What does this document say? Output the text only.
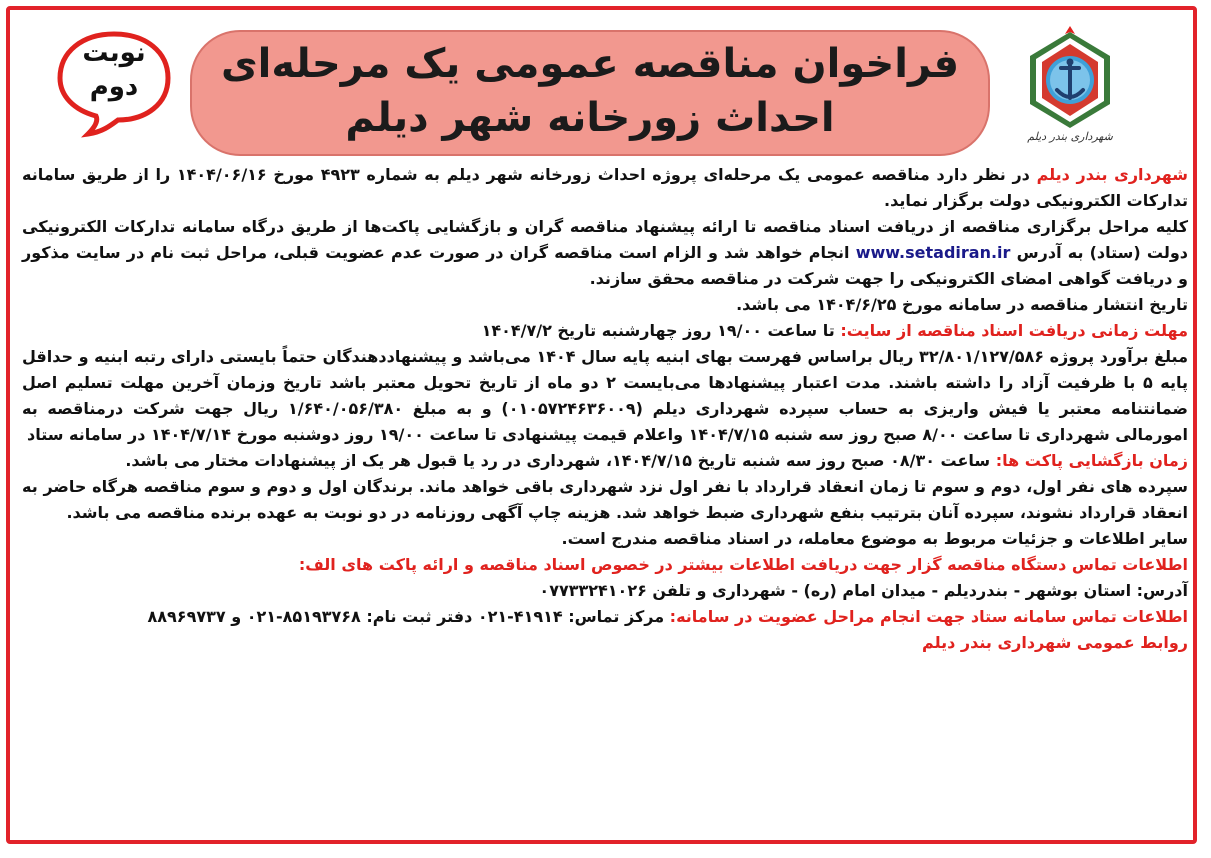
شهرداری بندر دیلم
فراخوان مناقصه عمومی یک مرحله‌ای
احداث زورخانه شهر دیلم
نوبت
دوم

شهرداری بندر دیلم در نظر دارد مناقصه عمومی یک مرحله‌ای پروژه احداث زورخانه شهر دیلم به شماره ۴۹۲۳ مورخ ۱۴۰۴/۰۶/۱۶ را از طریق سامانه تدارکات الکترونیکی دولت برگزار نماید.

کلیه مراحل برگزاری مناقصه از دریافت اسناد مناقصه تا ارائه پیشنهاد مناقصه گران و بازگشایی پاکت‌ها از طریق درگاه سامانه تدارکات الکترونیکی دولت (ستاد) به آدرس www.setadiran.ir انجام خواهد شد و الزام است مناقصه گران در صورت عدم عضویت قبلی، مراحل ثبت نام در سایت مذکور و دریافت گواهی امضای الکترونیکی را جهت شرکت در مناقصه محقق سازند.

تاریخ انتشار مناقصه در سامانه مورخ ۱۴۰۴/۶/۲۵ می باشد.

مهلت زمانی دریافت اسناد مناقصه از سایت: تا ساعت ۱۹/۰۰ روز چهارشنبه تاریخ ۱۴۰۴/۷/۲

مبلغ برآورد پروژه ۳۲/۸۰۱/۱۲۷/۵۸۶ ریال براساس فهرست بهای ابنیه پایه سال ۱۴۰۴ می‌باشد و پیشنهاددهندگان حتماً بایستی دارای رتبه ابنیه و حداقل پایه ۵ با ظرفیت آزاد را داشته باشند. مدت اعتبار پیشنهادها می‌بایست ۲ دو ماه از تاریخ تحویل معتبر باشد تاریخ وزمان آخرین مهلت تسلیم اصل ضمانتنامه معتبر یا فیش واریزی به حساب سپرده شهرداری دیلم (۰۱۰۵۷۲۴۶۳۶۰۰۹) و به مبلغ ۱/۶۴۰/۰۵۶/۳۸۰ ریال جهت شرکت درمناقصه به امورمالی شهرداری تا ساعت ۸/۰۰ صبح روز سه شنبه ۱۴۰۴/۷/۱۵ واعلام قیمت پیشنهادی تا ساعت ۱۹/۰۰ روز دوشنبه مورخ ۱۴۰۴/۷/۱۴ در سامانه ستاد

زمان بازگشایی پاکت ها: ساعت ۰۸/۳۰ صبح روز سه شنبه تاریخ ۱۴۰۴/۷/۱۵، شهرداری در رد یا قبول هر یک از پیشنهادات مختار می باشد.

سپرده های نفر اول، دوم و سوم تا زمان انعقاد قرارداد با نفر اول نزد شهرداری باقی خواهد ماند. برندگان اول و دوم و سوم مناقصه هرگاه حاضر به انعقاد قرارداد نشوند، سپرده آنان بترتیب بنفع شهرداری ضبط خواهد شد. هزینه چاپ آگهی روزنامه در دو نوبت به عهده برنده مناقصه می باشد.

سایر اطلاعات و جزئیات مربوط به موضوع معامله، در اسناد مناقصه مندرج است.

اطلاعات تماس دستگاه مناقصه گزار جهت دریافت اطلاعات بیشتر در خصوص اسناد مناقصه و ارائه پاکت های الف:

آدرس: استان بوشهر - بندردیلم - میدان امام (ره) - شهرداری و تلفن ۰۷۷۳۳۲۴۱۰۲۶

اطلاعات تماس سامانه ستاد جهت انجام مراحل عضویت در سامانه: مرکز تماس: ۴۱۹۱۴-۰۲۱ دفتر ثبت نام: ۸۵۱۹۳۷۶۸-۰۲۱ و ۸۸۹۶۹۷۳۷

روابط عمومی شهرداری بندر دیلم
